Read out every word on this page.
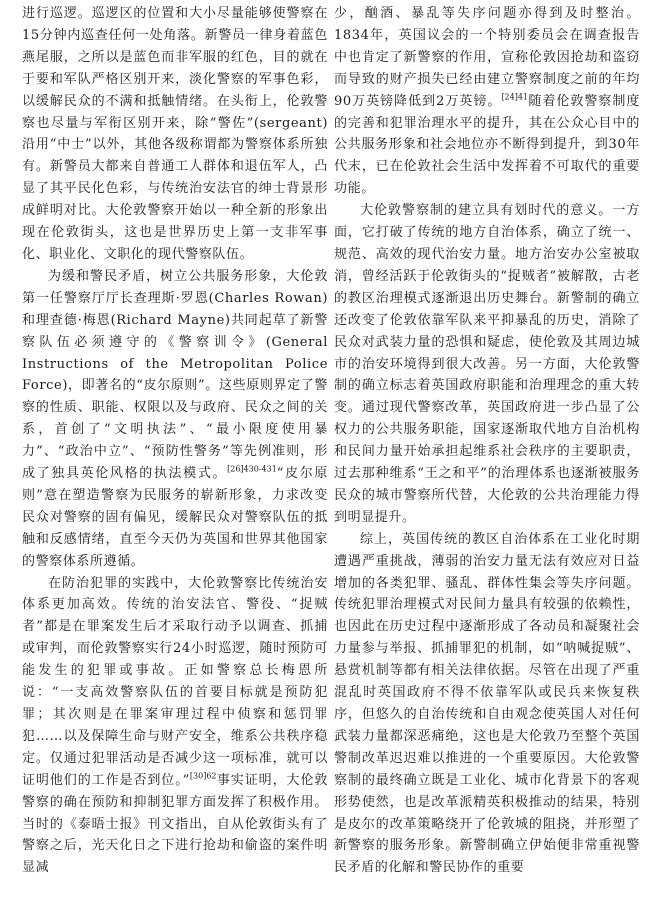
进行巡逻。巡逻区的位置和大小尽量能够使警察在15分钟内巡查任何一处角落。新警员一律身着蓝色燕尾服，之所以是蓝色而非军服的红色，目的就在于要和军队严格区别开来，淡化警察的军事色彩，以缓解民众的不满和抵触情绪。在头衔上，伦敦警察也尽量与军衔区别开来，除“警佐”(sergeant)沿用“中士”以外，其他各级称谓都为警察体系所独有。新警员大都来自普通工人群体和退伍军人，凸显了其平民化色彩，与传统治安法官的绅士背景形成鲜明对比。大伦敦警察开始以一种全新的形象出现在伦敦街头，这也是世界历史上第一支非军事化、职业化、文职化的现代警察队伍。

为缓和警民矛盾，树立公共服务形象，大伦敦第一任警察厅厅长查理斯·罗恩(Charles Rowan)和理查德·梅恩(Richard Mayne)共同起草了新警察队伍必须遵守的《警察训令》(General Instructions of the Metropolitan Police Force)，即著名的“皮尔原则”。这些原则界定了警察的性质、职能、权限以及与政府、民众之间的关系，首创了“文明执法”、“最小限度使用暴力”、“政治中立”、“预防性警务”等先例准则，形成了独具英伦风格的执法模式。$^{[26]430-431}$“皮尔原则”意在塑造警察为民服务的崭新形象，力求改变民众对警察的固有偏见，缓解民众对警察队伍的抵触和反感情绪，直至今天仍为英国和世界其他国家的警察体系所遵循。

在防治犯罪的实践中，大伦敦警察比传统治安体系更加高效。传统的治安法官、警役、“捉贼者”都是在罪案发生后才采取行动予以调查、抓捕或审判，而伦敦警察实行24小时巡逻，随时预防可能发生的犯罪或事故。正如警察总长梅恩所说：“一支高效警察队伍的首要目标就是预防犯罪；其次则是在罪案审理过程中侦察和惩罚罪犯……以及保障生命与财产安全，维系公共秩序稳定。仅通过犯罪活动是否减少这一项标准，就可以证明他们的工作是否到位。”$^{[30]62}$事实证明，大伦敦警察的确在预防和抑制犯罪方面发挥了积极作用。当时的《泰晤士报》刊文指出，自从伦敦街头有了警察之后，光天化日之下进行抢劫和偷盗的案件明显减

少，酗酒、暴乱等失序问题亦得到及时整治。1834年，英国议会的一个特别委员会在调查报告中也肯定了新警察的作用，宣称伦敦因抢劫和盗窃而导致的财产损失已经由建立警察制度之前的年均90万英镑降低到2万英镑。$^{[24]41}$随着伦敦警察制度的完善和犯罪治理水平的提升，其在公众心目中的公共服务形象和社会地位亦不断得到提升，到30年代末，已在伦敦社会生活中发挥着不可取代的重要功能。

大伦敦警察制的建立具有划时代的意义。一方面，它打破了传统的地方自治体系，确立了统一、规范、高效的现代治安力量。地方治安办公室被取消，曾经活跃于伦敦街头的“捉贼者”被解散，古老的教区治理模式逐渐退出历史舞台。新警制的确立还改变了伦敦依靠军队来平抑暴乱的历史，消除了民众对武装力量的恐惧和疑虑，使伦敦及其周边城市的治安环境得到很大改善。另一方面，大伦敦警制的确立标志着英国政府职能和治理理念的重大转变。通过现代警察改革，英国政府进一步凸显了公权力的公共服务职能，国家逐渐取代地方自治机构和民间力量开始承担起维系社会秩序的主要职责，过去那种维系“王之和平”的治理体系也逐渐被服务民众的城市警察所代替，大伦敦的公共治理能力得到明显提升。

综上，英国传统的教区自治体系在工业化时期遭遇严重挑战，薄弱的治安力量无法有效应对日益增加的各类犯罪、骚乱、群体性集会等失序问题。传统犯罪治理模式对民间力量具有较强的依赖性，也因此在历史过程中逐渐形成了各动员和凝聚社会力量参与举报、抓捕罪犯的机制，如“呐喊捉贼”、悬赏机制等都有相关法律依据。尽管在出现了严重混乱时英国政府不得不依靠军队或民兵来恢复秩序，但悠久的自治传统和自由观念使英国人对任何武装力量都深恶痛绝，这也是大伦敦乃至整个英国警制改革迟迟难以推进的一个重要原因。大伦敦警察制的最终确立既是工业化、城市化背景下的客观形势使然，也是改革派精英积极推动的结果，特别是皮尔的改革策略绕开了伦敦城的阻挠，并形塑了新警察的服务形象。新警制确立伊始便非常重视警民矛盾的化解和警民协作的重要
